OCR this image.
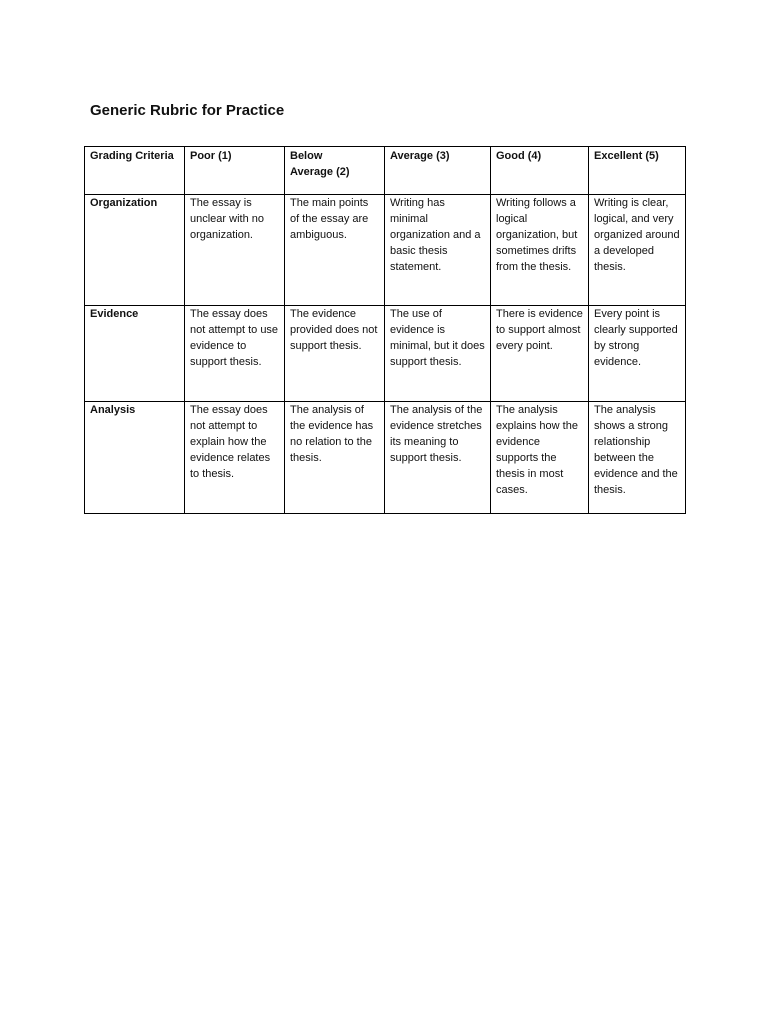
Generic Rubric for Practice
Grading Criteria	Poor (1)	Below Average (2)	Average (3)	Good (4)	Excellent (5)
Organization	The essay is unclear with no organization.	The main points of the essay are ambiguous.	Writing has minimal organization and a basic thesis statement.	Writing follows a logical organization, but sometimes drifts from the thesis.	Writing is clear, logical, and very organized around a developed thesis.
Evidence	The essay does not attempt to use evidence to support thesis.	The evidence provided does not support thesis.	The use of evidence is minimal, but it does support thesis.	There is evidence to support almost every point.	Every point is clearly supported by strong evidence.
Analysis	The essay does not attempt to explain how the evidence relates to thesis.	The analysis of the evidence has no relation to the thesis.	The analysis of the evidence stretches its meaning to support thesis.	The analysis explains how the evidence supports the thesis in most cases.	The analysis shows a strong relationship between the evidence and the thesis.
